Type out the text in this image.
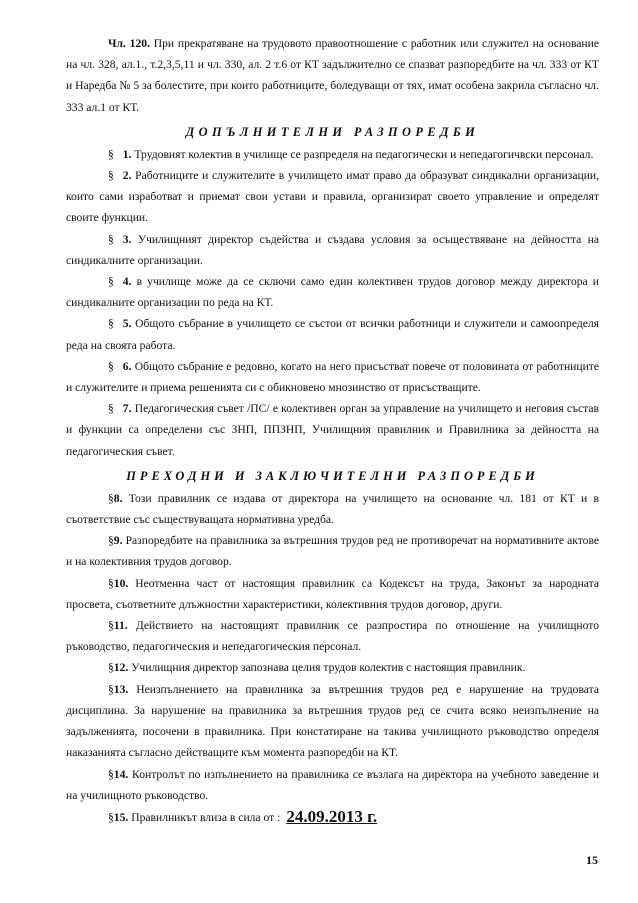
Чл. 120. При прекратяване на трудовото правоотношение с работник или служител на основание на чл. 328, ал.1., т.2,3,5,11 и чл. 330, ал. 2 т.6 от КТ задължително се спазват разпоредбите на чл. 333 от КТ и Наредба № 5 за болестите, при които работниците, боледуващи от тях, имат особена закрила съгласно чл. 333 ал.1 от КТ.

ДОПЪЛНИТЕЛНИ РАЗПОРЕДБИ

§ 1. Трудовият колектив в училище се разпределя на педагогически и непедагогичвски персонал.

§ 2. Работниците и служителите в училището имат право да образуват синдикални организации, които сами изработват и приемат свои устави и правила, организират своето управление и определят своите функции.

§ 3. Училищният директор съдейства и създава условия за осъществяване на дейността на синдикалните организации.

§ 4. в училище може да се сключи само един колективен трудов договор между директора и синдикалните организации по реда на КТ.

§ 5. Общото събрание в училището се състои от всички работници и служители и самоопределя реда на своята работа.

§ 6. Общото събрание е редовно, когато на него присъстват повече от половината от работниците и служителите и приема решенията си с обикновено мнозинство от присъстващите.

§ 7. Педагогическия съвет /ПС/ е колективен орган за управление на училището и неговия състав и функции са определени със ЗНП, ППЗНП, Училищния правилник и Правилника за дейността на педагогическия съвет.

ПРЕХОДНИ И ЗАКЛЮЧИТЕЛНИ РАЗПОРЕДБИ

§8. Този правилник се издава от директора на училището на основание чл. 181 от КТ и в съответствие със съществуващата нормативна уредба.

§9. Разпоредбите на правилника за вътрешния трудов ред не противоречат на нормативните актове и на колективния трудов договор.

§10. Неотменна част от настоящия правилник са Кодексът на труда, Законът за народната просвета, съответните длъжностни характеристики, колективния трудов договор, други.

§11. Действието на настоящият правилник се разпростира по отношение на училищното ръководство, педагогическия и непедагогическия персонал.

§12. Училищния директор запознава целия трудов колектив с настоящия правилник.

§13. Неизпълнението на правилника за вътрешния трудов ред е нарушение на трудовата дисциплина. За нарушение на правилника за вътрешния трудов ред се счита всяко неизпълнение на задълженията, посочени в правилника. При констатиране на такива училищното ръководство определя наказанията съгласно действащите към момента разпоредби на КТ.

§14. Контролът по изпълнението на правилника се възлага на директора на учебното заведение и на училищното ръководство.

§15. Правилникът влиза в сила от : 24.09.2013 г.

15
